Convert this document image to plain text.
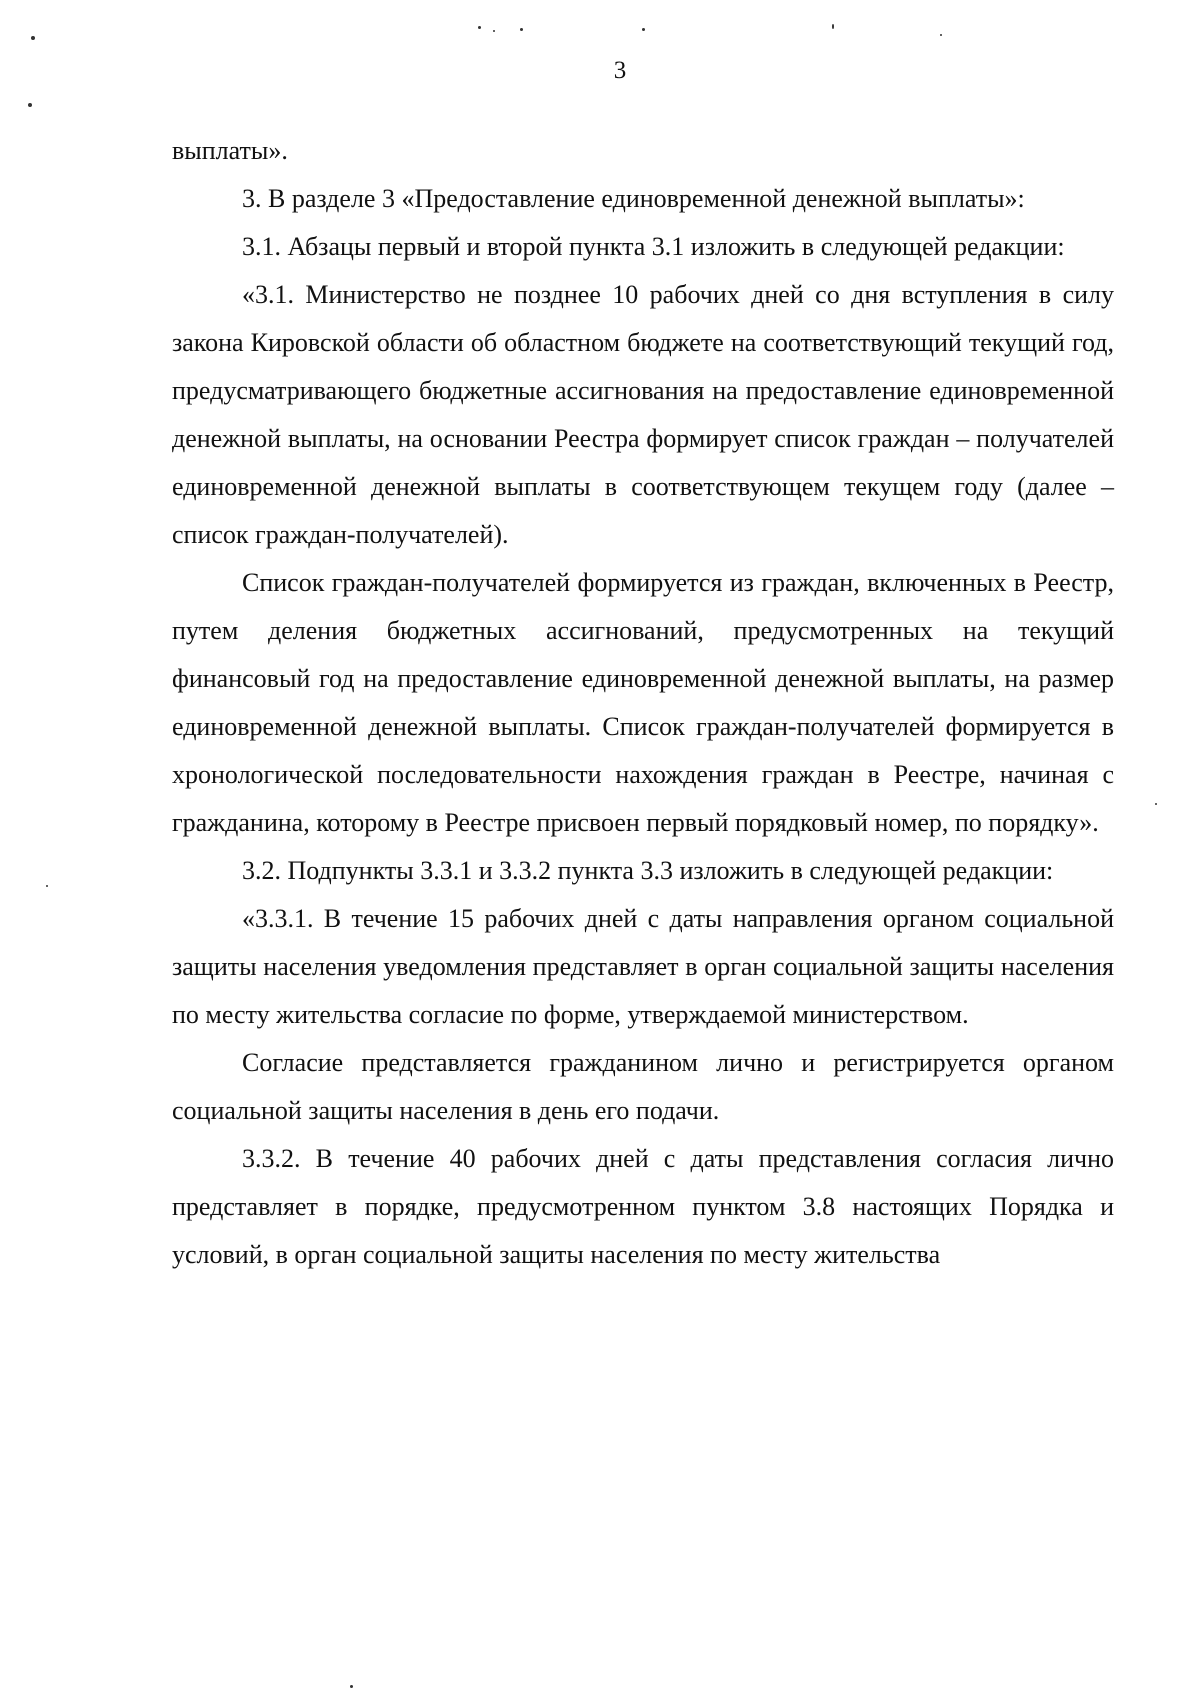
3

выплаты».

3. В разделе 3 «Предоставление единовременной денежной выплаты»:

3.1. Абзацы первый и второй пункта 3.1 изложить в следующей редакции:

«3.1. Министерство не позднее 10 рабочих дней со дня вступления в силу закона Кировской области об областном бюджете на соответствующий текущий год, предусматривающего бюджетные ассигнования на предоставление единовременной денежной выплаты, на основании Реестра формирует список граждан – получателей единовременной денежной выплаты в соответствующем текущем году (далее – список граждан-получателей).

Список граждан-получателей формируется из граждан, включенных в Реестр, путем деления бюджетных ассигнований, предусмотренных на текущий финансовый год на предоставление единовременной денежной выплаты, на размер единовременной денежной выплаты. Список граждан-получателей формируется в хронологической последовательности нахождения граждан в Реестре, начиная с гражданина, которому в Реестре присвоен первый порядковый номер, по порядку».

3.2. Подпункты 3.3.1 и 3.3.2 пункта 3.3 изложить в следующей редакции:

«3.3.1. В течение 15 рабочих дней с даты направления органом социальной защиты населения уведомления представляет в орган социальной защиты населения по месту жительства согласие по форме, утверждаемой министерством.

Согласие представляется гражданином лично и регистрируется органом социальной защиты населения в день его подачи.

3.3.2. В течение 40 рабочих дней с даты представления согласия лично представляет в порядке, предусмотренном пунктом 3.8 настоящих Порядка и условий, в орган социальной защиты населения по месту жительства
